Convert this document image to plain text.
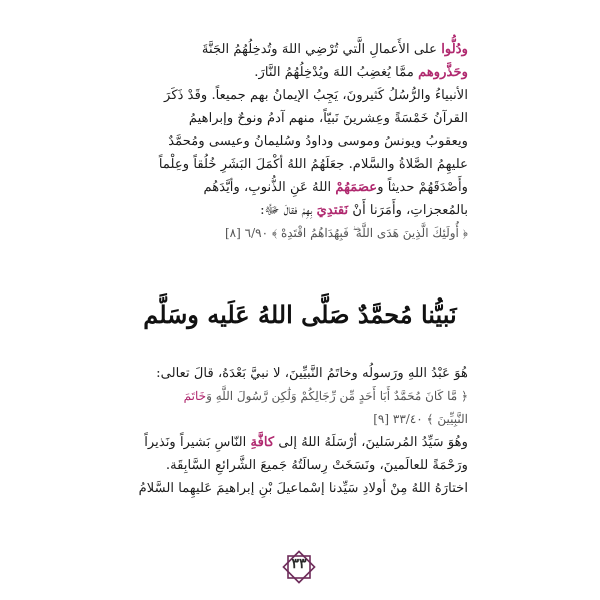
ودُلُّوا على الأَعمالِ الَّتي تُرْضِي اللهَ وتُدخِلُهُمُ الجَنَّةَ
وحَذَّروهم ممَّا يُغضِبُ اللهَ ويُدْخِلُهُمُ النَّارَ.
الأنبياءُ والرُّسُلُ كَثيرونَ، يَجِبُ الإيمانُ بهم جميعاً. وقَدْ ذَكَرَ
القرآنُ خَمْسَةً وعِشرينَ نَبيّاً، منهم آدمُ ونوحٌ وإبراهيمُ
ويعقوبُ ويونسُ وموسى وداودُ وسُليمانُ وعيسى ومُحمَّدٌ
عليهِمُ الصَّلاةُ والسَّلام. جعَلَهُمُ اللهُ أكْمَلَ البَشَرِ خُلُقاً وعِلْماً
وأَصْدَقَهُمْ حديثاً وعصَمَهُمْ اللهُ عَنِ الذُّنوبِ، وأيَّدَهُم
بالمُعجزاتِ، وأَمَرَنا أَنْ نَقتدِيَ بِهِمْ فقالَ ﷻ:
﴿ أُولَئِكَ الَّذِينَ هَدَى اللَّهُ ۖ فَبِهُدَاهُمُ اقْتَدِهْ ﴾ ٦/٩٠ [٨]
نَبيُّنا مُحمَّدٌ صَلَّى اللهُ عَلَيه وسَلَّم
هُوَ عَبْدُ اللهِ ورَسولُه وخاتَمُ النَّبيِّينَ، لا نبيَّ بَعْدَهُ، قالَ تعالى:
﴿ مَّا كَانَ مُحَمَّدٌ أَبَا أَحَدٍ مِّن رِّجَالِكُمْ وَلَٰكِن رَّسُولَ اللَّهِ وَخَاتَمَ
النَّبِيِّينَ ﴾ ٣٣/٤٠ [٩]
وهُوَ سَيِّدُ المُرسَلينَ، أرْسَلَهُ اللهُ إلى كافَّةِ النّاسِ بَشيراً ونَذيراً
ورَحْمَةً للعالَمينَ، ونَسَخَتْ رِسالَتُهُ جَميعَ الشَّرائعِ السَّابِقَة.
اختارَهُ اللهُ مِنْ أولادِ سَيِّدنا إسْماعيلَ بْنِ إبراهيمَ عَليهِما السَّلامُ
٣٣
